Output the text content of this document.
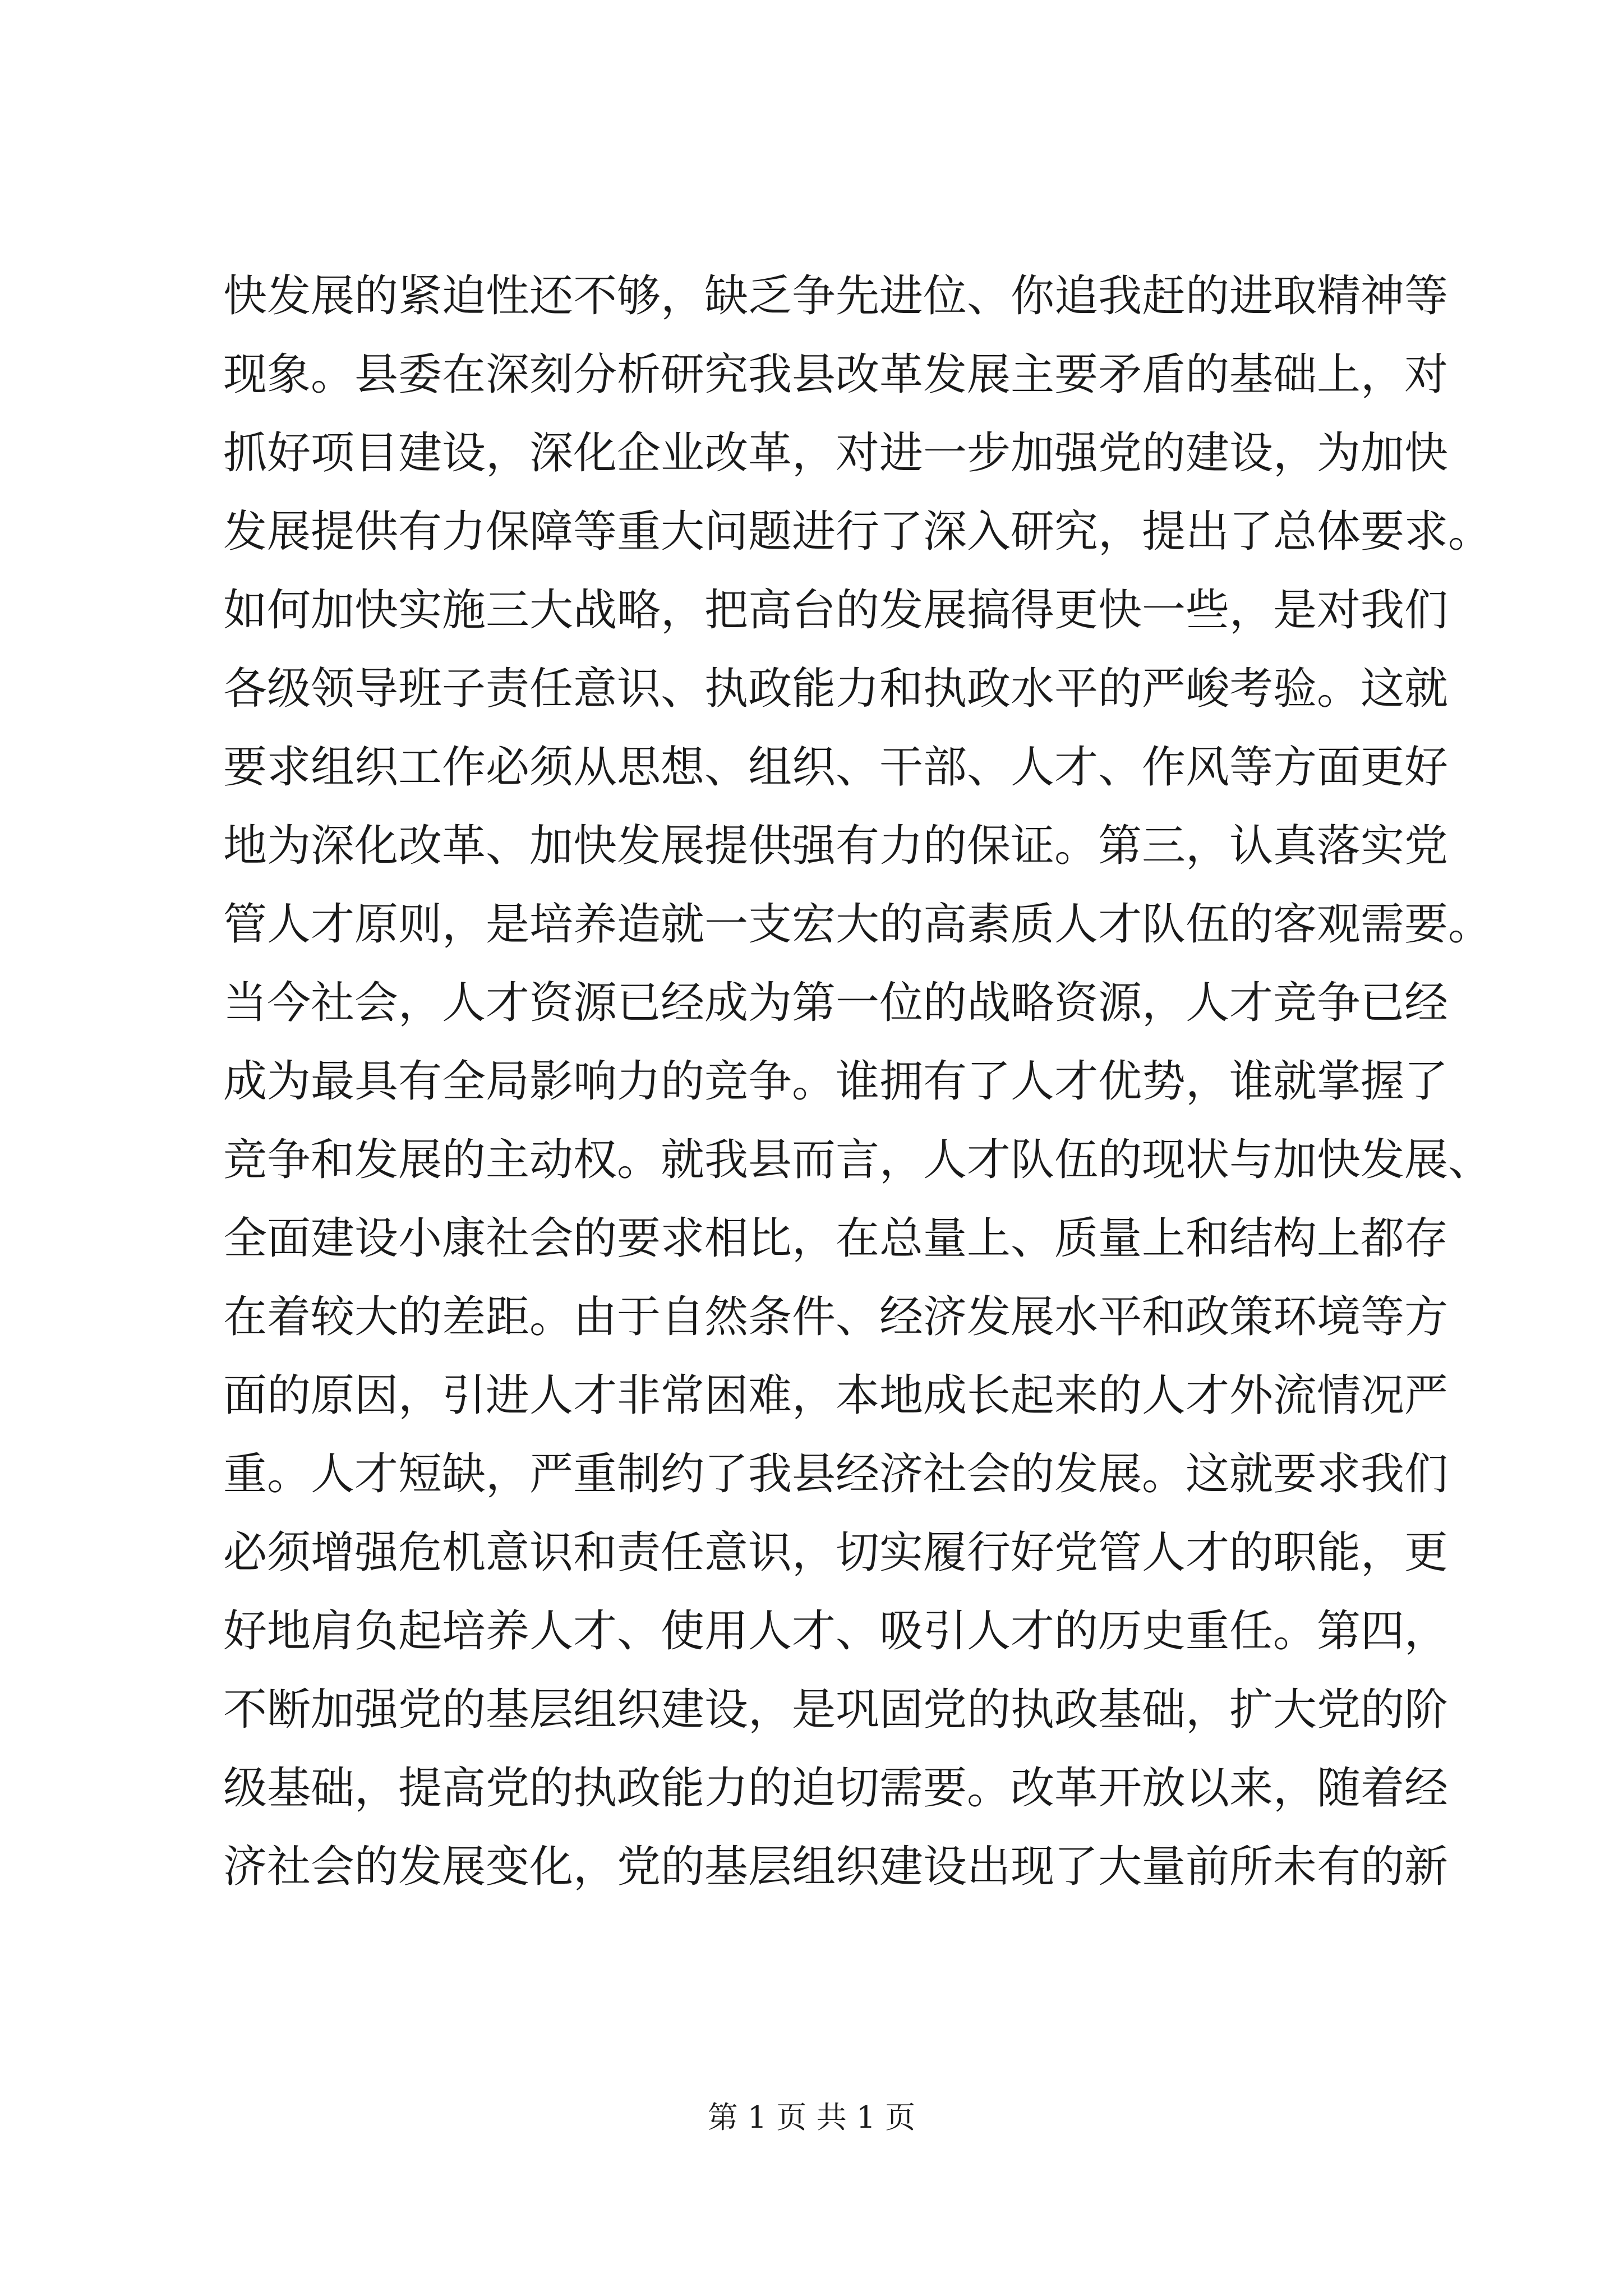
快发展的紧迫性还不够，缺乏争先进位、你追我赶的进取精神等
现象。县委在深刻分析研究我县改革发展主要矛盾的基础上，对
抓好项目建设，深化企业改革，对进一步加强党的建设，为加快
发展提供有力保障等重大问题进行了深入研究，提出了总体要求。
如何加快实施三大战略，把高台的发展搞得更快一些，是对我们
各级领导班子责任意识、执政能力和执政水平的严峻考验。这就
要求组织工作必须从思想、组织、干部、人才、作风等方面更好
地为深化改革、加快发展提供强有力的保证。第三，认真落实党
管人才原则，是培养造就一支宏大的高素质人才队伍的客观需要。
当今社会，人才资源已经成为第一位的战略资源，人才竞争已经
成为最具有全局影响力的竞争。谁拥有了人才优势，谁就掌握了
竞争和发展的主动权。就我县而言，人才队伍的现状与加快发展、
全面建设小康社会的要求相比，在总量上、质量上和结构上都存
在着较大的差距。由于自然条件、经济发展水平和政策环境等方
面的原因，引进人才非常困难，本地成长起来的人才外流情况严
重。人才短缺，严重制约了我县经济社会的发展。这就要求我们
必须增强危机意识和责任意识，切实履行好党管人才的职能，更
好地肩负起培养人才、使用人才、吸引人才的历史重任。第四，
不断加强党的基层组织建设，是巩固党的执政基础，扩大党的阶
级基础，提高党的执政能力的迫切需要。改革开放以来，随着经
济社会的发展变化，党的基层组织建设出现了大量前所未有的新
第 1 页 共 1 页
